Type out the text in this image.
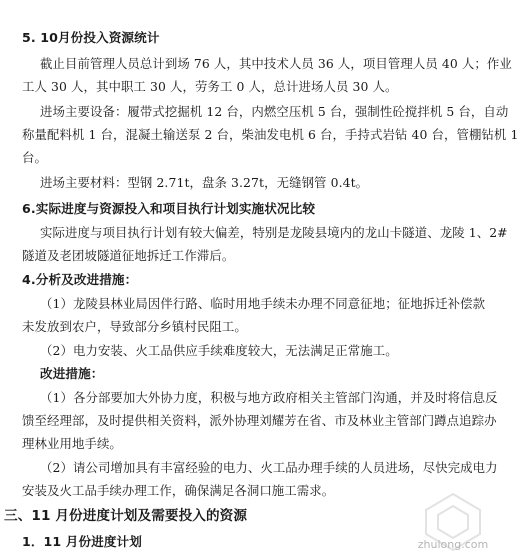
5. 10月份投入资源统计
截止目前管理人员总计到场 76 人，其中技术人员 36 人，项目管理人员 40 人；作业
工人 30 人，其中职工 30 人，劳务工 0 人，总计进场人员 30 人。
进场主要设备：履带式挖掘机 12 台，内燃空压机 5 台，强制性砼搅拌机 5 台，自动
称量配料机 1 台，混凝土输送泵 2 台，柴油发电机 6 台，手持式岩钻 40 台，管棚钻机 1
台。
进场主要材料：型钢 2.71t，盘条 3.27t，无缝钢管 0.4t。
6.实际进度与资源投入和项目执行计划实施状况比较
实际进度与项目执行计划有较大偏差，特别是龙陵县境内的龙山卡隧道、龙陵 1、2#
隧道及老团坡隧道征地拆迁工作滞后。
4.分析及改进措施：
（1）龙陵县林业局因伴行路、临时用地手续未办理不同意征地；征地拆迁补偿款
未发放到农户，导致部分乡镇村民阻工。
（2）电力安装、火工品供应手续难度较大，无法满足正常施工。
改进措施：
（1）各分部要加大外协力度，积极与地方政府相关主管部门沟通，并及时将信息反
馈至经理部，及时提供相关资料，派外协理刘耀芳在省、市及林业主管部门蹲点追踪办
理林业用地手续。
（2）请公司增加具有丰富经验的电力、火工品办理手续的人员进场，尽快完成电力
安装及火工品手续办理工作，确保满足各洞口施工需求。
三、11 月份进度计划及需要投入的资源
1．11 月份进度计划	zhulong.com
